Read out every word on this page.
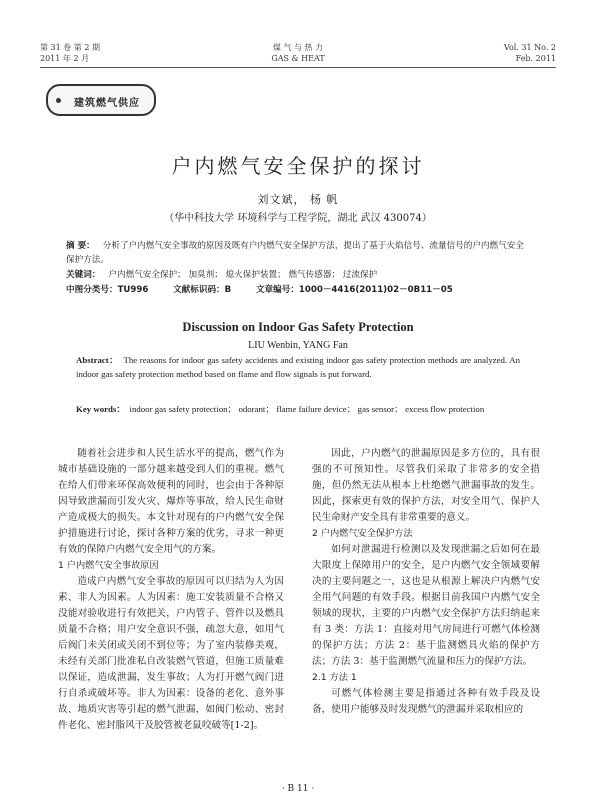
第 31 卷 第 2 期
2011 年 2 月
煤 气 与 热 力
GAS & HEAT
Vol. 31 No. 2
Feb. 2011
建筑燃气供应
户内燃气安全保护的探讨
刘文斌， 杨 帆
（华中科技大学 环境科学与工程学院，湖北 武汉 430074）
摘 要： 分析了户内燃气安全事故的原因及既有户内燃气安全保护方法，提出了基于火焰信号、流量信号的户内燃气安全保护方法。
关键词： 户内燃气安全保护； 加臭剂； 熄火保护装置； 燃气传感器； 过流保护
中图分类号：TU996	文献标识码：B	文章编号：1000－4416(2011)02－0B11－05
Discussion on Indoor Gas Safety Protection
LIU Wenbin, YANG Fan
Abstract： The reasons for indoor gas safety accidents and existing indoor gas safety protection methods are analyzed. An indoor gas safety protection method based on flame and flow signals is put forward.
Key words： indoor gas safety protection； odorant； flame failure device； gas sensor； excess flow protection

随着社会进步和人民生活水平的提高，燃气作为城市基础设施的一部分越来越受到人们的重视。燃气在给人们带来环保高效便利的同时，也会由于各种原因导致泄漏而引发火灾、爆炸等事故，给人民生命财产造成极大的损失。本文针对现有的户内燃气安全保护措施进行讨论，探讨各种方案的优劣，寻求一种更有效的保障户内燃气安全用气的方案。

1 户内燃气安全事故原因

造成户内燃气安全事故的原因可以归结为人为因素、非人为因素。人为因素：施工安装质量不合格又没能对验收进行有效把关，户内管子、管件以及燃具质量不合格；用户安全意识不强，疏忽大意，如用气后阀门未关闭或关闭不到位等；为了室内装修美观，未经有关部门批准私自改装燃气管道，但施工质量难以保证，造成泄漏，发生事故；人为打开燃气阀门进行自杀或破坏等。非人为因素：设备的老化、意外事故、地质灾害等引起的燃气泄漏，如阀门松动、密封件老化、密封脂风干及胶管被老鼠咬破等[1-2]。

因此，户内燃气的泄漏原因是多方位的，具有很强的不可预知性。尽管我们采取了非常多的安全措施，但仍然无法从根本上杜绝燃气泄漏事故的发生。因此，探索更有效的保护方法，对安全用气、保护人民生命财产安全具有非常重要的意义。

2 户内燃气安全保护方法

如何对泄漏进行检测以及发现泄漏之后如何在最大限度上保障用户的安全，是户内燃气安全领域要解决的主要问题之一，这也是从根源上解决户内燃气安全用气问题的有效手段。根据目前我国户内燃气安全领域的现状，主要的户内燃气安全保护方法归纳起来有 3 类：方法 1：直接对用气房间进行可燃气体检测的保护方法；方法 2：基于监测燃具火焰的保护方法；方法 3：基于监测燃气流量和压力的保护方法。

2.1 方法 1

可燃气体检测主要是指通过各种有效手段及设备，使用户能够及时发现燃气的泄漏并采取相应的

· B 11 ·
